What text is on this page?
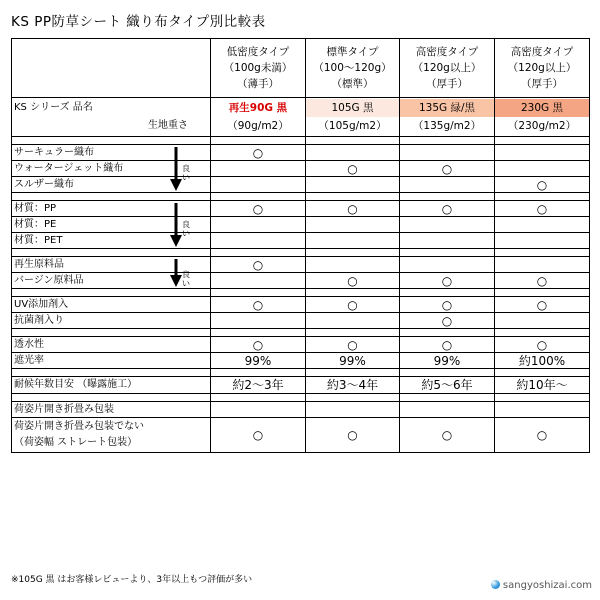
KS PP防草シート 織り布タイプ別比較表

	低密度タイプ
（100g未満）
（薄手）	標準タイプ
（100～120g）
（標準）	高密度タイプ
（120g以上）
（厚手）	高密度タイプ
（120g以上）
（厚手）

KS シリーズ 品名
生地重さ	再生90G 黒
（90g/m2）	105G 黒
（105g/m2）	135G 緑/黒
（135g/m2）	230G 黒
（230g/m2）

サーキュラー織布	○			

ウォータージェット織布		○	○	

スルザー織布				○

材質：PP	○	○	○	○

材質：PE				

材質：PET				

再生原料品	○			

バージン原料品		○	○	○

UV添加剤入	○	○	○	○

抗菌剤入り			○	

透水性	○	○	○	○

遮光率	99%	99%	99%	約100%

耐候年数目安 （曝露施工）	約2～3年	約3～4年	約5～6年	約10年～

荷姿片開き折畳み包装				

荷姿片開き折畳み包装でない
（荷姿幅 ストレート包装）	○	○	○	○
※105G 黒 はお客様レビューより、3年以上もつ評価が多い	sangyoshizai.com
良い
良い
良い
